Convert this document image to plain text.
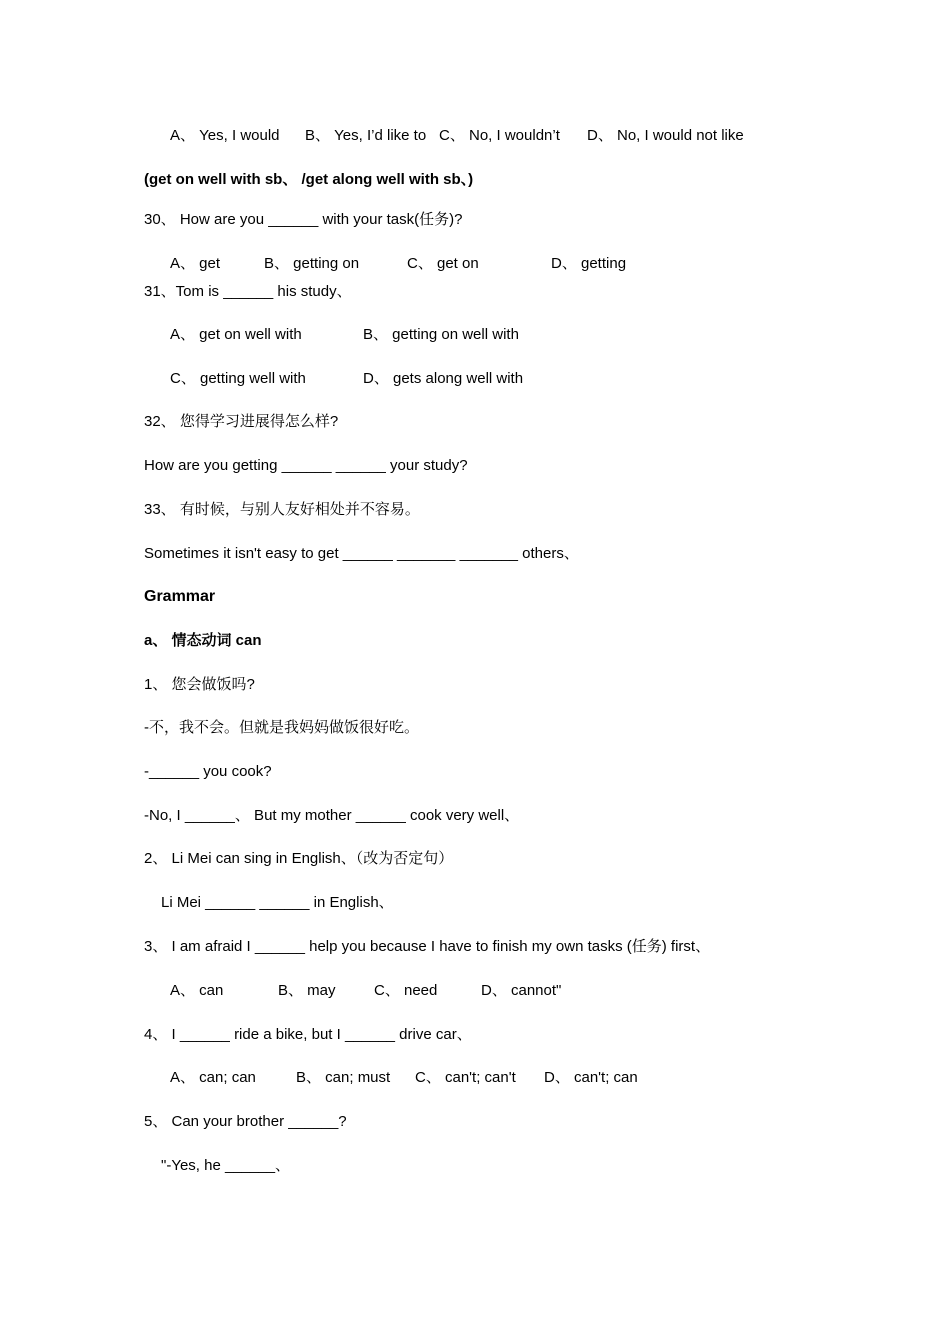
A、 Yes, I would

B、 Yes, I’d like to

C、 No, I wouldn’t

D、 No, I would not like

(get on well with sb、 /get along well with sb、)
30、 How are you ______ with your task(任务)?

A、 get

	B、 getting on

	C、 get on

	D、 getting

31、Tom is ______ his study、

A、 get on well with

	B、 getting on well with

C、 getting well with

	D、 gets along well with

32、 您得学习进展得怎么样?
How are you getting ______ ______ your study?
33、 有时候，与别人友好相处并不容易。
Sometimes it isn't easy to get ______ _______ _______ others、
Grammar
a、 情态动词 can
1、 您会做饭吗?
-不，我不会。但就是我妈妈做饭很好吃。
-______ you cook?
-No, I ______、 But my mother ______ cook very well、
2、 Li Mei can sing in English、（改为否定句）
Li Mei ______ ______ in English、
3、 I am afraid I ______ help you because I have to finish my own tasks (任务) first、

A、 can

	B、 may

	C、 need

	D、 cannot"

4、 I ______ ride a bike, but I ______ drive car、

A、 can; can

	B、 can; must

C、 can't; can't

D、 can't; can

5、 Can your brother ______?
"-Yes, he ______、
